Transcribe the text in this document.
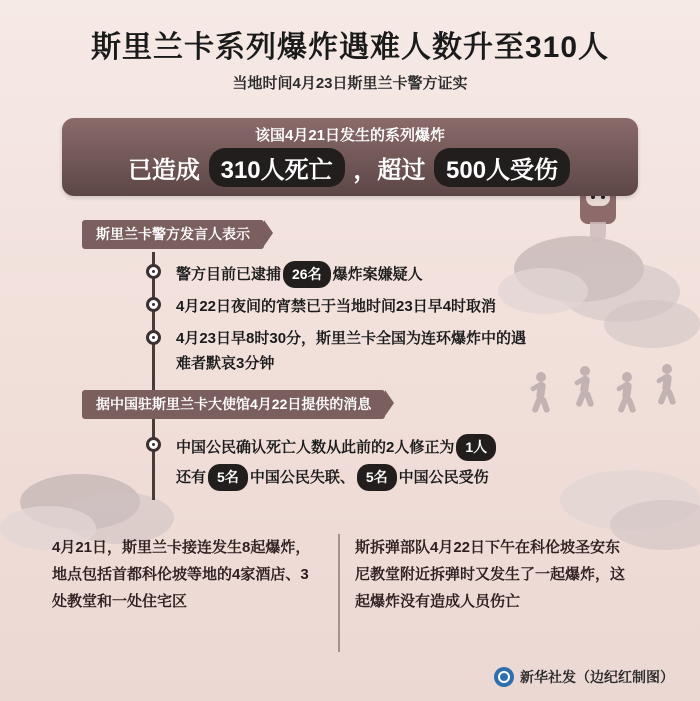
斯里兰卡系列爆炸遇难人数升至310人
当地时间4月23日斯里兰卡警方证实
该国4月21日发生的系列爆炸
已造成 310人死亡 ，超过 500人受伤
斯里兰卡警方发言人表示
警方目前已逮捕 26名 爆炸案嫌疑人
4月22日夜间的宵禁已于当地时间23日早4时取消
4月23日早8时30分，斯里兰卡全国为连环爆炸中的遇难者默哀3分钟
据中国驻斯里兰卡大使馆4月22日提供的消息
中国公民确认死亡人数从此前的2人修正为 1人
还有 5名 中国公民失联、 5名 中国公民受伤
4月21日，斯里兰卡接连发生8起爆炸，地点包括首都科伦坡等地的4家酒店、3处教堂和一处住宅区
斯拆弹部队4月22日下午在科伦坡圣安东尼教堂附近拆弹时又发生了一起爆炸，这起爆炸没有造成人员伤亡
新华社发（边纪红制图）
